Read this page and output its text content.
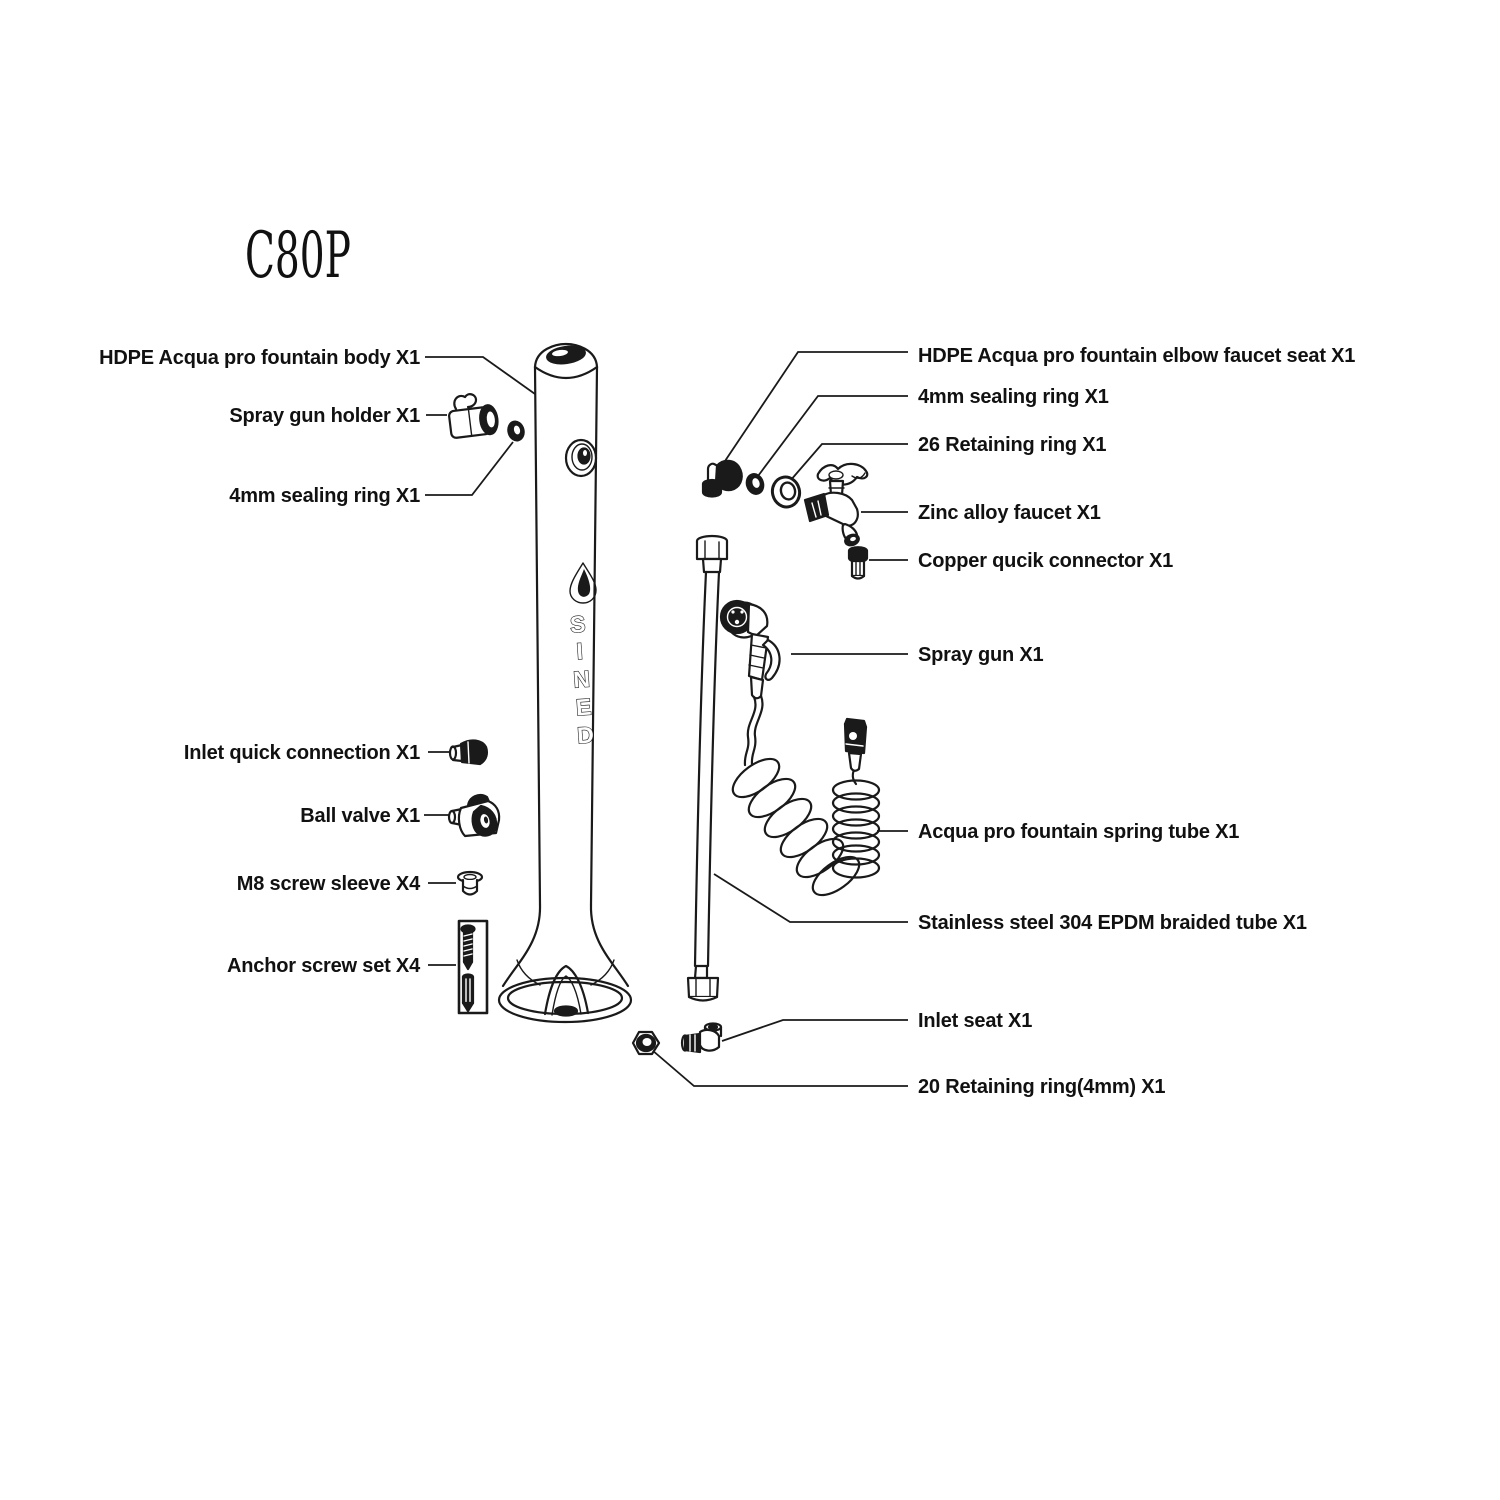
C80P
S
I
N
E
D
HDPE Acqua pro fountain body X1
Spray gun holder X1
4mm sealing ring X1
Inlet quick connection X1
Ball valve X1
M8 screw sleeve X4
Anchor screw set X4
HDPE Acqua pro fountain elbow faucet seat X1
4mm sealing ring X1
26 Retaining ring X1
Zinc alloy faucet X1
Copper qucik connector X1
Spray gun X1
Acqua pro fountain spring tube X1
Stainless steel 304 EPDM braided tube X1
Inlet seat X1
20 Retaining ring(4mm) X1
